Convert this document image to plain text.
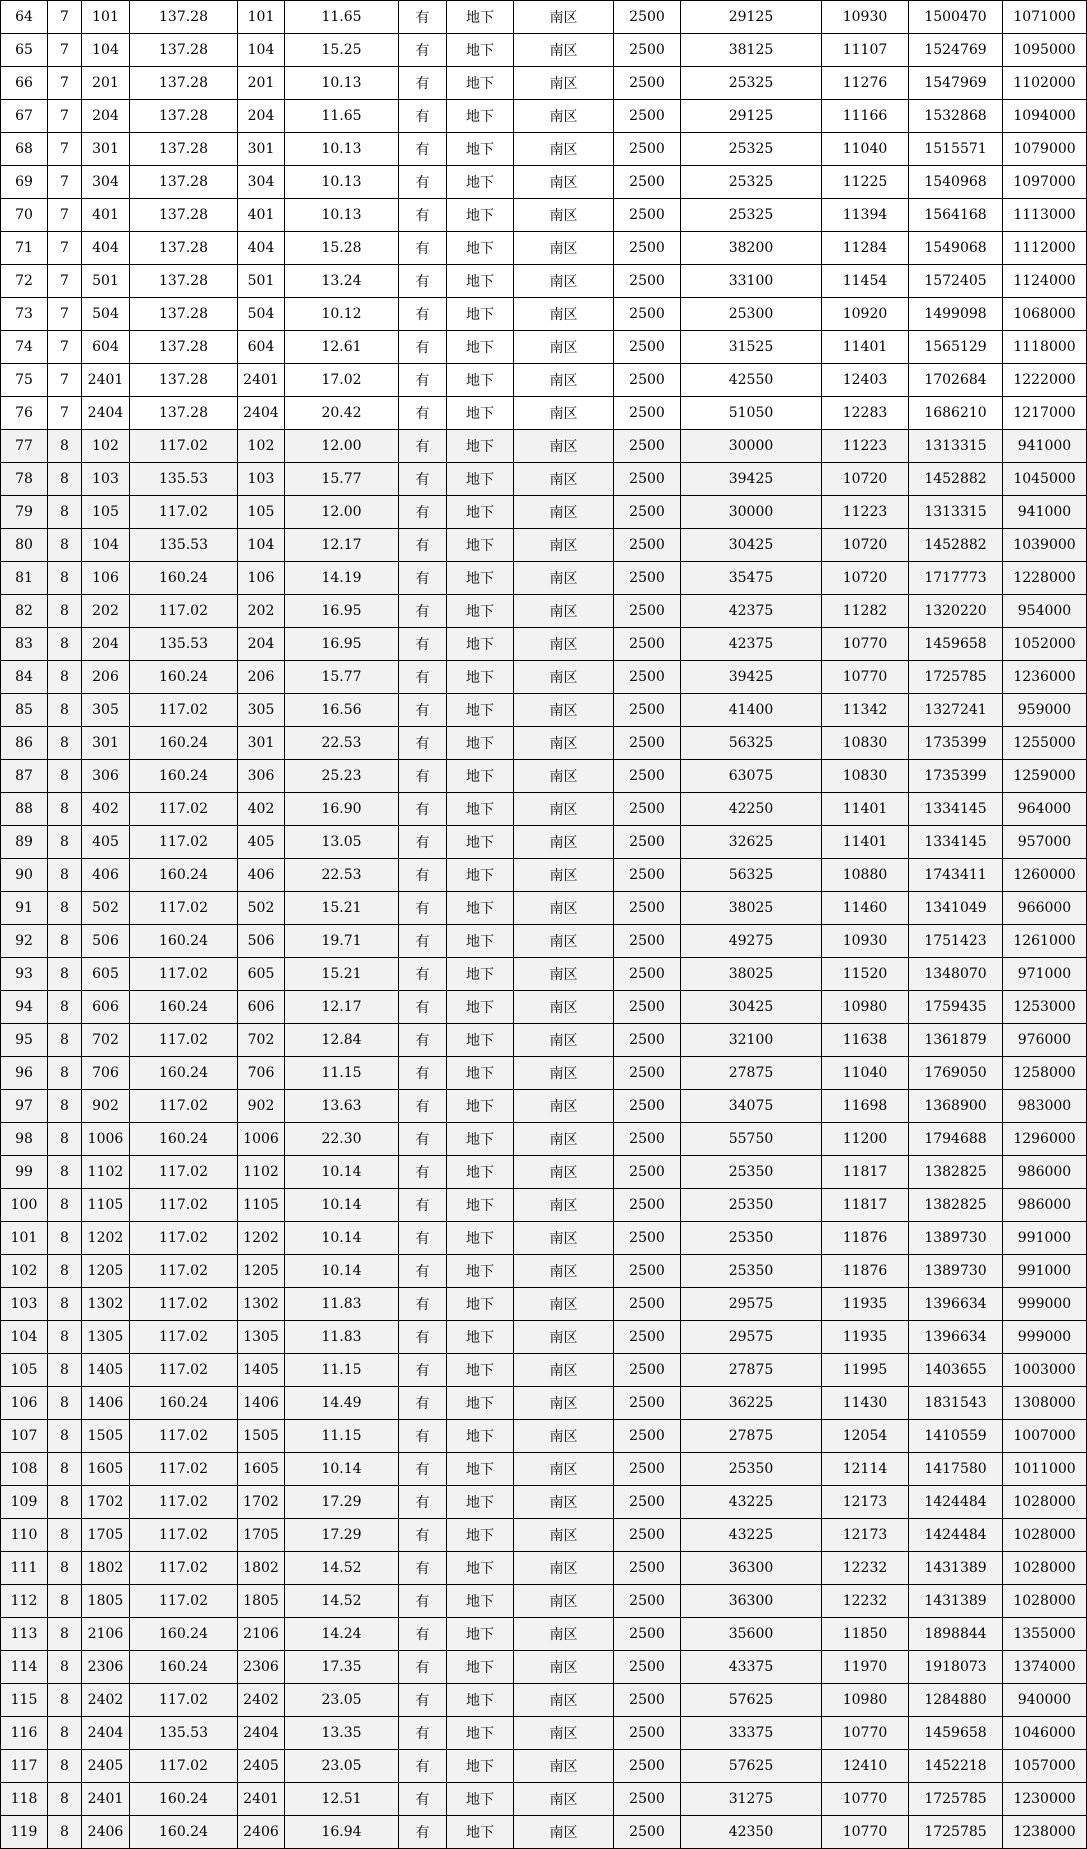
64	7	101	137.28	101	11.65	有	地下	南区	2500	29125	10930	1500470	1071000
65	7	104	137.28	104	15.25	有	地下	南区	2500	38125	11107	1524769	1095000
66	7	201	137.28	201	10.13	有	地下	南区	2500	25325	11276	1547969	1102000
67	7	204	137.28	204	11.65	有	地下	南区	2500	29125	11166	1532868	1094000
68	7	301	137.28	301	10.13	有	地下	南区	2500	25325	11040	1515571	1079000
69	7	304	137.28	304	10.13	有	地下	南区	2500	25325	11225	1540968	1097000
70	7	401	137.28	401	10.13	有	地下	南区	2500	25325	11394	1564168	1113000
71	7	404	137.28	404	15.28	有	地下	南区	2500	38200	11284	1549068	1112000
72	7	501	137.28	501	13.24	有	地下	南区	2500	33100	11454	1572405	1124000
73	7	504	137.28	504	10.12	有	地下	南区	2500	25300	10920	1499098	1068000
74	7	604	137.28	604	12.61	有	地下	南区	2500	31525	11401	1565129	1118000
75	7	2401	137.28	2401	17.02	有	地下	南区	2500	42550	12403	1702684	1222000
76	7	2404	137.28	2404	20.42	有	地下	南区	2500	51050	12283	1686210	1217000
77	8	102	117.02	102	12.00	有	地下	南区	2500	30000	11223	1313315	941000
78	8	103	135.53	103	15.77	有	地下	南区	2500	39425	10720	1452882	1045000
79	8	105	117.02	105	12.00	有	地下	南区	2500	30000	11223	1313315	941000
80	8	104	135.53	104	12.17	有	地下	南区	2500	30425	10720	1452882	1039000
81	8	106	160.24	106	14.19	有	地下	南区	2500	35475	10720	1717773	1228000
82	8	202	117.02	202	16.95	有	地下	南区	2500	42375	11282	1320220	954000
83	8	204	135.53	204	16.95	有	地下	南区	2500	42375	10770	1459658	1052000
84	8	206	160.24	206	15.77	有	地下	南区	2500	39425	10770	1725785	1236000
85	8	305	117.02	305	16.56	有	地下	南区	2500	41400	11342	1327241	959000
86	8	301	160.24	301	22.53	有	地下	南区	2500	56325	10830	1735399	1255000
87	8	306	160.24	306	25.23	有	地下	南区	2500	63075	10830	1735399	1259000
88	8	402	117.02	402	16.90	有	地下	南区	2500	42250	11401	1334145	964000
89	8	405	117.02	405	13.05	有	地下	南区	2500	32625	11401	1334145	957000
90	8	406	160.24	406	22.53	有	地下	南区	2500	56325	10880	1743411	1260000
91	8	502	117.02	502	15.21	有	地下	南区	2500	38025	11460	1341049	966000
92	8	506	160.24	506	19.71	有	地下	南区	2500	49275	10930	1751423	1261000
93	8	605	117.02	605	15.21	有	地下	南区	2500	38025	11520	1348070	971000
94	8	606	160.24	606	12.17	有	地下	南区	2500	30425	10980	1759435	1253000
95	8	702	117.02	702	12.84	有	地下	南区	2500	32100	11638	1361879	976000
96	8	706	160.24	706	11.15	有	地下	南区	2500	27875	11040	1769050	1258000
97	8	902	117.02	902	13.63	有	地下	南区	2500	34075	11698	1368900	983000
98	8	1006	160.24	1006	22.30	有	地下	南区	2500	55750	11200	1794688	1296000
99	8	1102	117.02	1102	10.14	有	地下	南区	2500	25350	11817	1382825	986000
100	8	1105	117.02	1105	10.14	有	地下	南区	2500	25350	11817	1382825	986000
101	8	1202	117.02	1202	10.14	有	地下	南区	2500	25350	11876	1389730	991000
102	8	1205	117.02	1205	10.14	有	地下	南区	2500	25350	11876	1389730	991000
103	8	1302	117.02	1302	11.83	有	地下	南区	2500	29575	11935	1396634	999000
104	8	1305	117.02	1305	11.83	有	地下	南区	2500	29575	11935	1396634	999000
105	8	1405	117.02	1405	11.15	有	地下	南区	2500	27875	11995	1403655	1003000
106	8	1406	160.24	1406	14.49	有	地下	南区	2500	36225	11430	1831543	1308000
107	8	1505	117.02	1505	11.15	有	地下	南区	2500	27875	12054	1410559	1007000
108	8	1605	117.02	1605	10.14	有	地下	南区	2500	25350	12114	1417580	1011000
109	8	1702	117.02	1702	17.29	有	地下	南区	2500	43225	12173	1424484	1028000
110	8	1705	117.02	1705	17.29	有	地下	南区	2500	43225	12173	1424484	1028000
111	8	1802	117.02	1802	14.52	有	地下	南区	2500	36300	12232	1431389	1028000
112	8	1805	117.02	1805	14.52	有	地下	南区	2500	36300	12232	1431389	1028000
113	8	2106	160.24	2106	14.24	有	地下	南区	2500	35600	11850	1898844	1355000
114	8	2306	160.24	2306	17.35	有	地下	南区	2500	43375	11970	1918073	1374000
115	8	2402	117.02	2402	23.05	有	地下	南区	2500	57625	10980	1284880	940000
116	8	2404	135.53	2404	13.35	有	地下	南区	2500	33375	10770	1459658	1046000
117	8	2405	117.02	2405	23.05	有	地下	南区	2500	57625	12410	1452218	1057000
118	8	2401	160.24	2401	12.51	有	地下	南区	2500	31275	10770	1725785	1230000
119	8	2406	160.24	2406	16.94	有	地下	南区	2500	42350	10770	1725785	1238000
